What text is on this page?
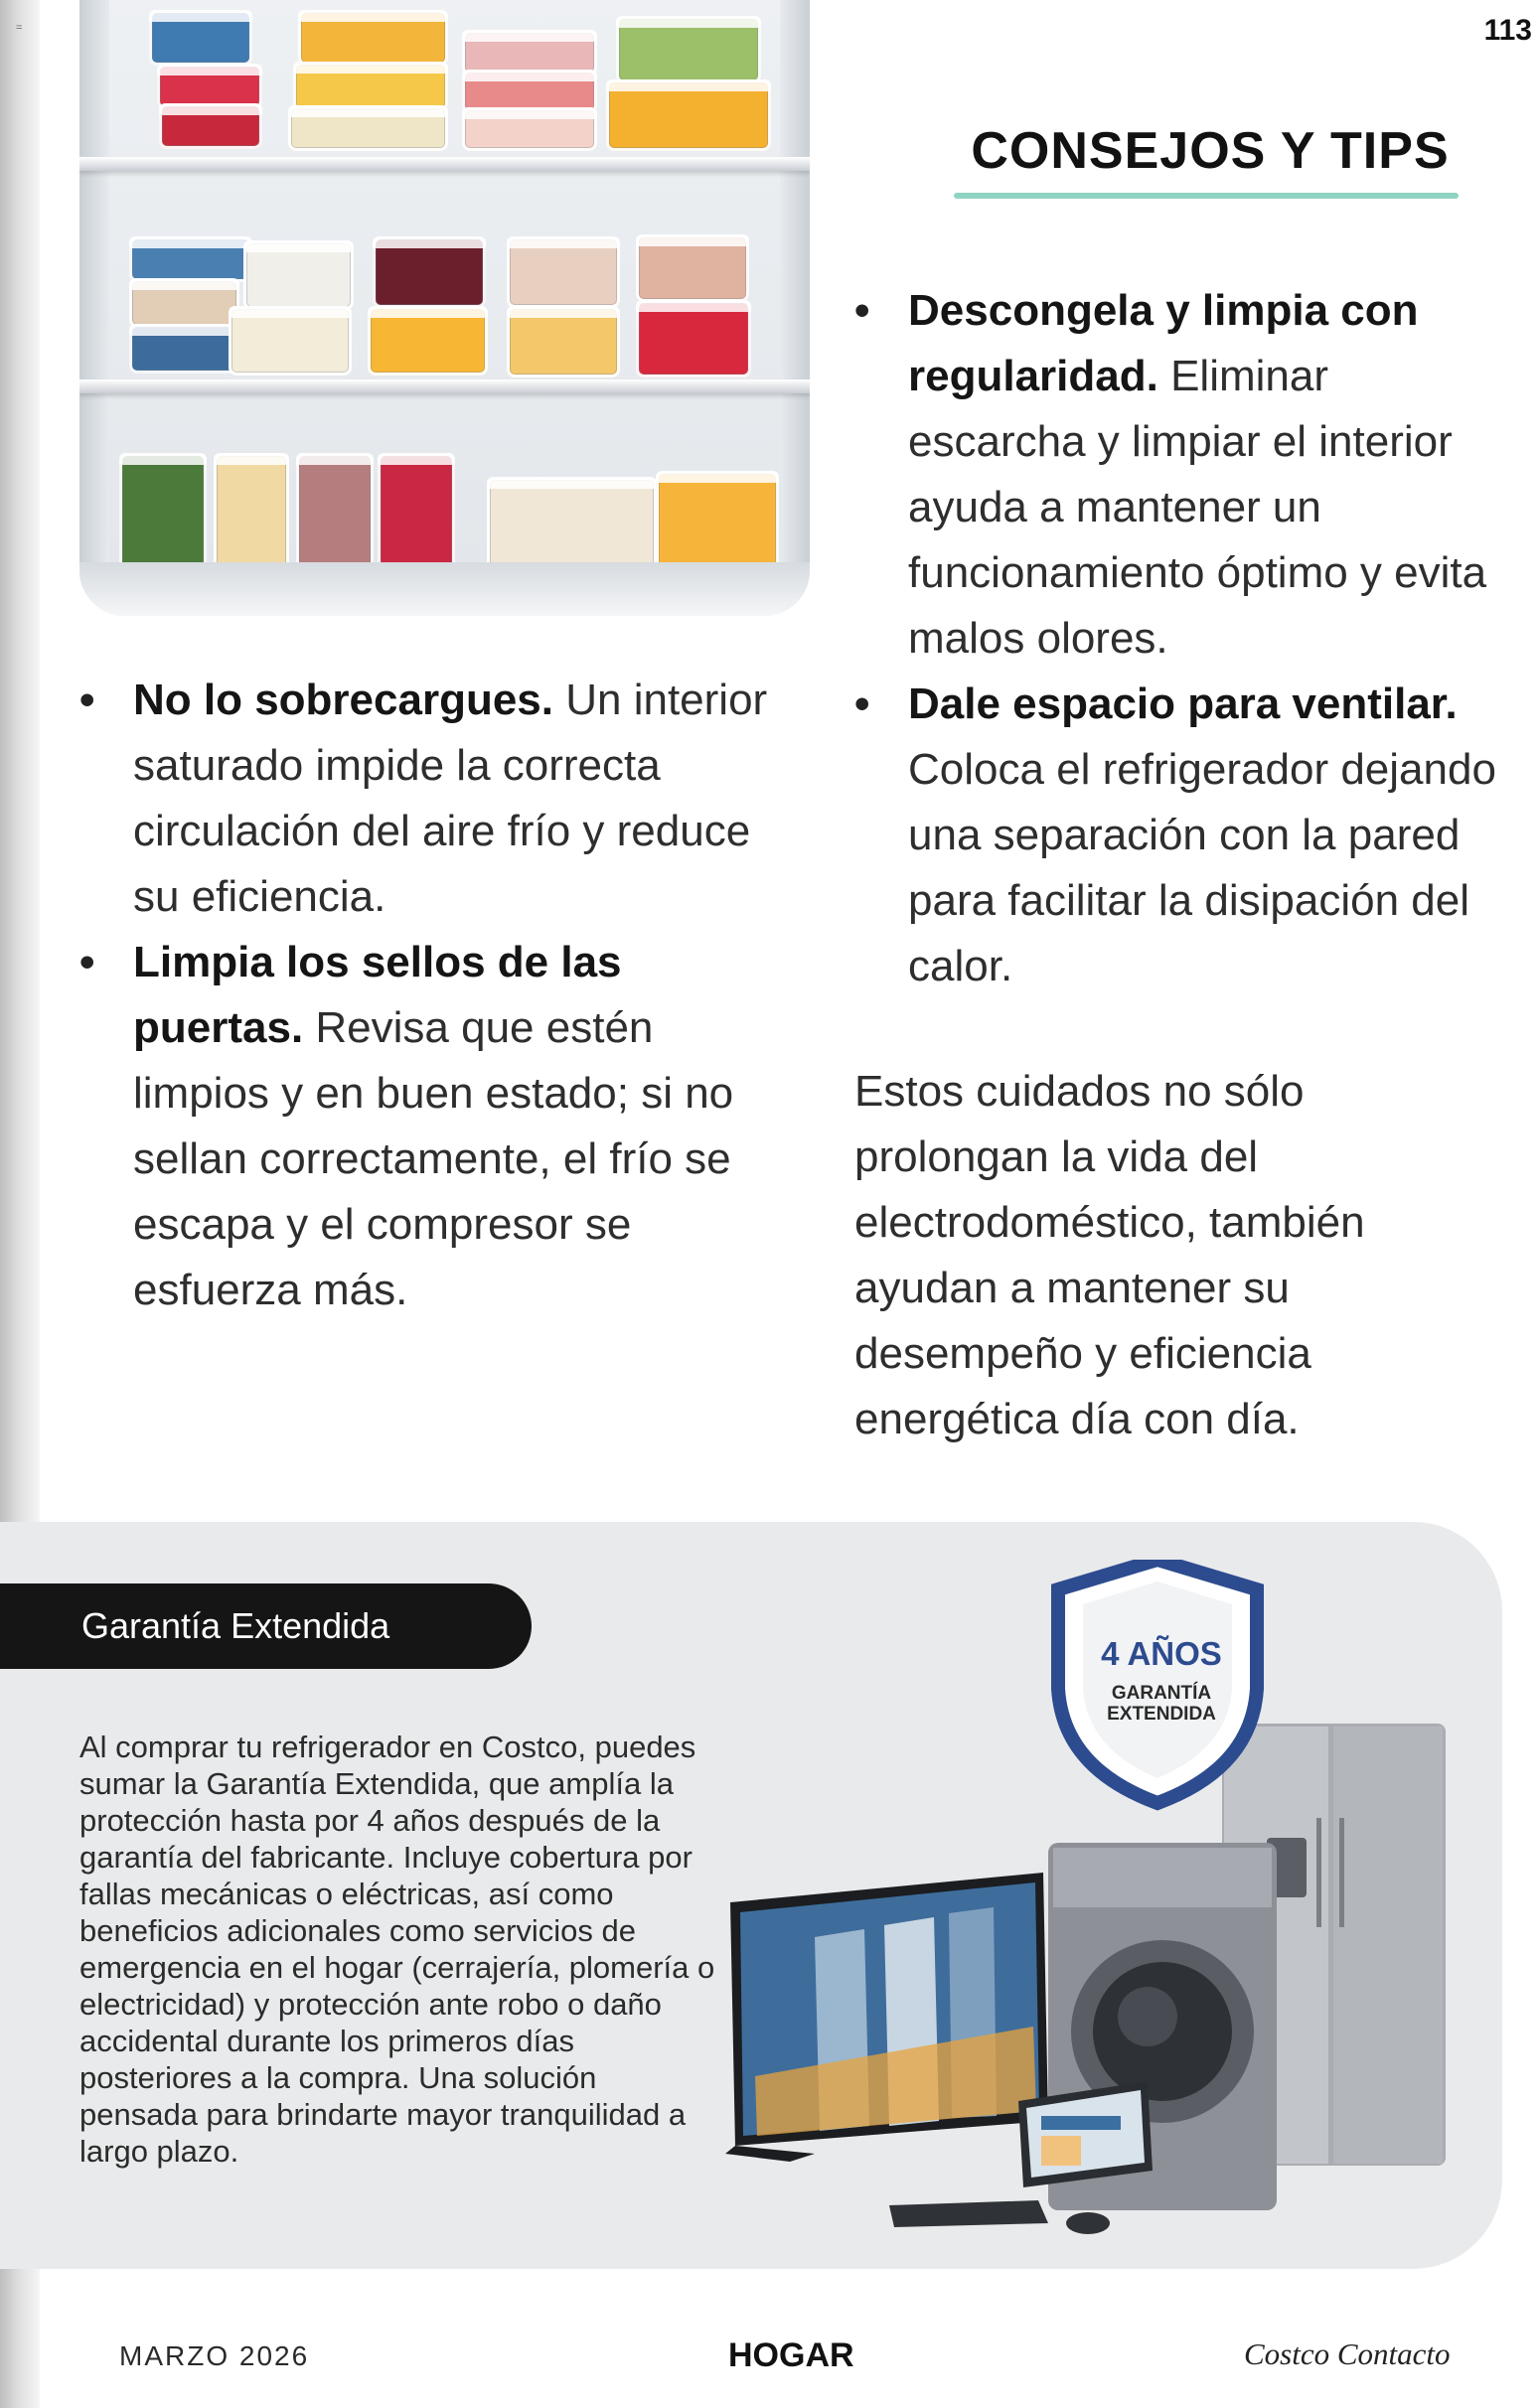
=	113
CONSEJOS Y TIPS
• Descongela y limpia con regularidad. Eliminar escarcha y limpiar el interior ayuda a mantener un funcionamiento óptimo y evita malos olores.
• Dale espacio para ventilar. Coloca el refrigerador dejando una separación con la pared para facilitar la disipación del calor.
• No lo sobrecargues. Un interior saturado impide la correcta circulación del aire frío y reduce su eficiencia.
• Limpia los sellos de las puertas. Revisa que estén limpios y en buen estado; si no sellan correctamente, el frío se escapa y el compresor se esfuerza más.
Estos cuidados no sólo prolongan la vida del electrodoméstico, también ayudan a mantener su desempeño y eficiencia energética día con día.
Garantía Extendida
Al comprar tu refrigerador en Costco, puedes sumar la Garantía Extendida, que amplía la protección hasta por 4 años después de la garantía del fabricante. Incluye cobertura por fallas mecánicas o eléctricas, así como beneficios adicionales como servicios de emergencia en el hogar (cerrajería, plomería o electricidad) y protección ante robo o daño accidental durante los primeros días posteriores a la compra. Una solución pensada para brindarte mayor tranquilidad a largo plazo.
4 AÑOS
GARANTÍA
EXTENDIDA
MARZO 2026	HOGAR	Costco Contacto
